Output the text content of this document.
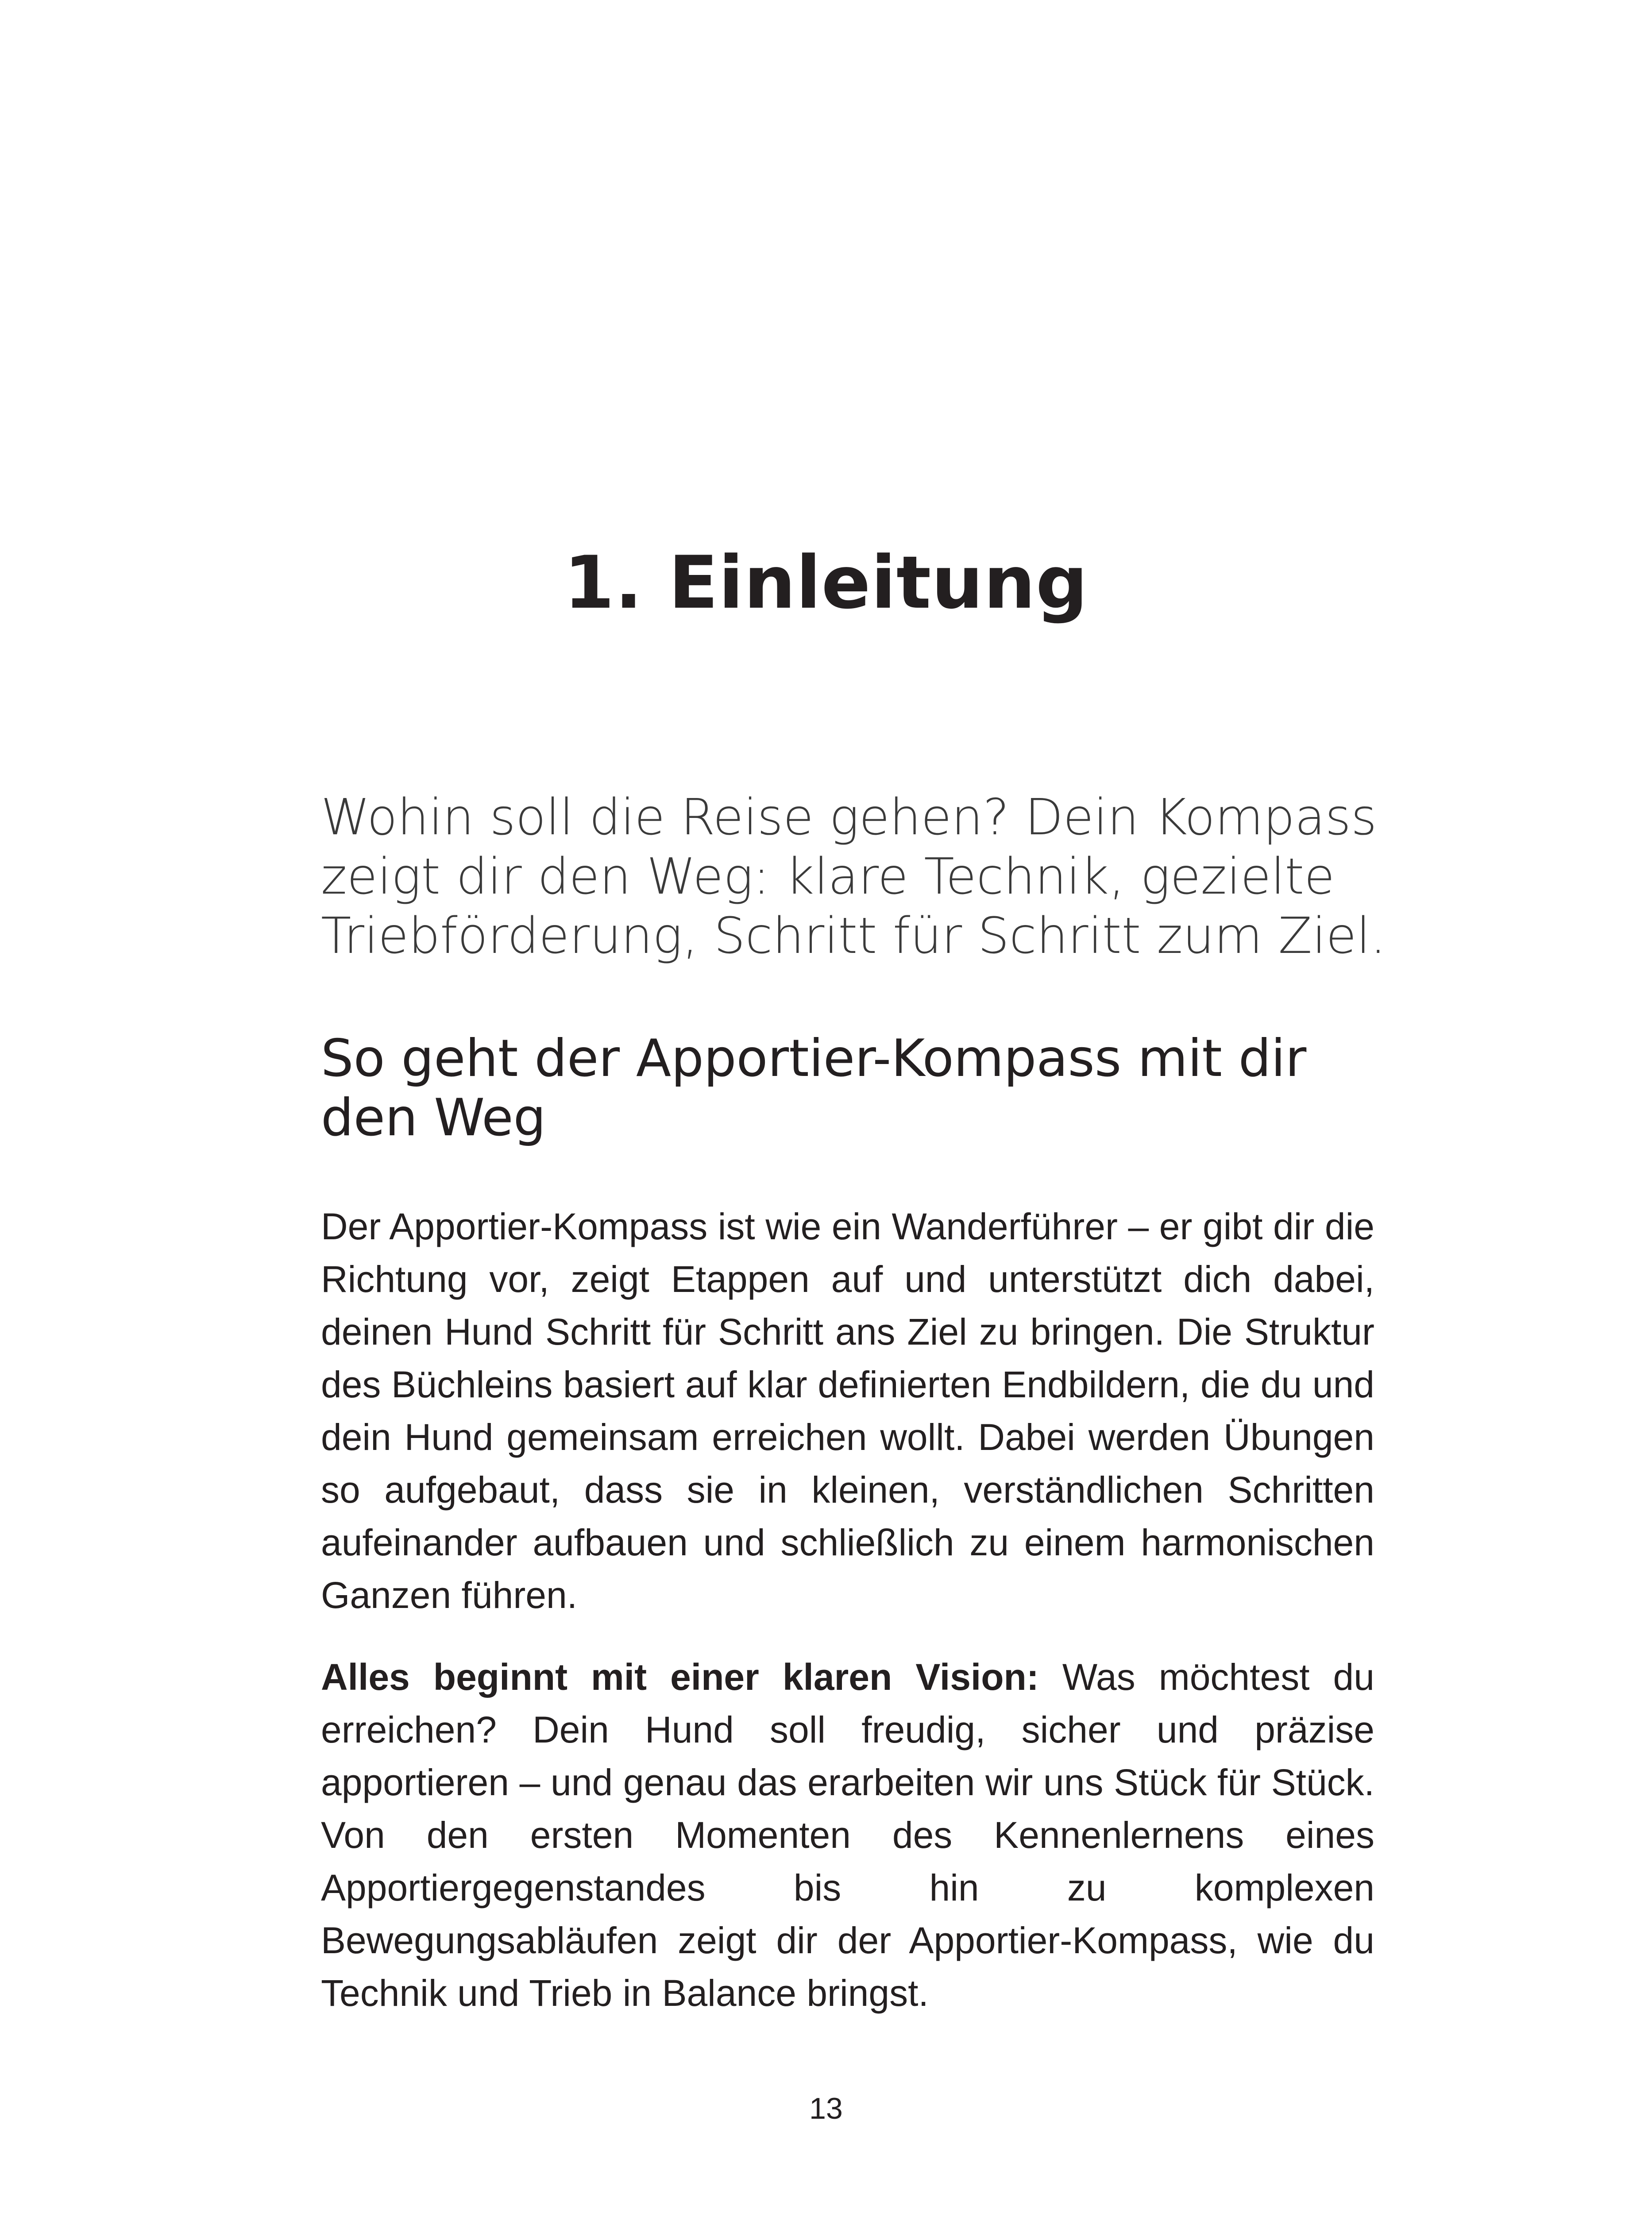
1. Einleitung

Wohin soll die Reise gehen? Dein Kompass zeigt dir den Weg: klare Technik, gezielte Triebförderung, Schritt für Schritt zum Ziel.

So geht der Apportier-Kompass mit dir den Weg

Der Apportier-Kompass ist wie ein Wanderführer – er gibt dir die Richtung vor, zeigt Etappen auf und unterstützt dich dabei, deinen Hund Schritt für Schritt ans Ziel zu bringen. Die Struktur des Büchleins basiert auf klar definierten Endbildern, die du und dein Hund gemeinsam erreichen wollt. Dabei werden Übungen so aufgebaut, dass sie in kleinen, verständlichen Schritten aufeinander aufbauen und schließlich zu einem harmonischen Ganzen führen.

Alles beginnt mit einer klaren Vision: Was möchtest du erreichen? Dein Hund soll freudig, sicher und präzise apportieren – und genau das erarbeiten wir uns Stück für Stück. Von den ersten Momenten des Kennenlernens eines Apportiergegenstandes bis hin zu komplexen Bewegungsabläufen zeigt dir der Apportier-Kompass, wie du Technik und Trieb in Balance bringst.

13
